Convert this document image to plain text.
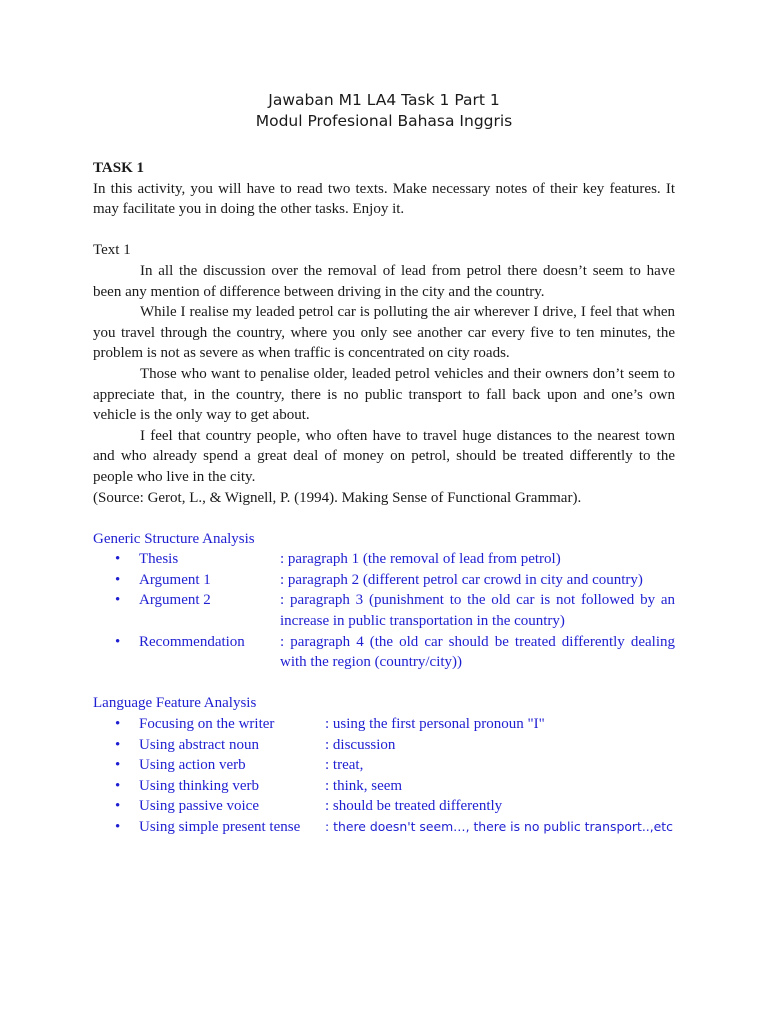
Jawaban M1 LA4 Task 1 Part 1
Modul Profesional Bahasa Inggris
TASK 1

In this activity, you will have to read two texts. Make necessary notes of their key features. It may facilitate you in doing the other tasks. Enjoy it.

Text 1

In all the discussion over the removal of lead from petrol there doesn’t seem to have been any mention of difference between driving in the city and the country.

While I realise my leaded petrol car is polluting the air wherever I drive, I feel that when you travel through the country, where you only see another car every five to ten minutes, the problem is not as severe as when traffic is concentrated on city roads.

Those who want to penalise older, leaded petrol vehicles and their owners don’t seem to appreciate that, in the country, there is no public transport to fall back upon and one’s own vehicle is the only way to get about.

I feel that country people, who often have to travel huge distances to the nearest town and who already spend a great deal of money on petrol, should be treated differently to the people who live in the city.

(Source: Gerot, L., & Wignell, P. (1994). Making Sense of Functional Grammar).
Generic Structure Analysis
• Thesis	: paragraph 1 (the removal of lead from petrol)
• Argument 1	: paragraph 2 (different petrol car crowd in city and country)
• Argument 2	: paragraph 3 (punishment to the old car is not followed by an increase in public transportation in the country)
• Recommendation	: paragraph 4 (the old car should be treated differently dealing with the region (country/city))
Language Feature Analysis
• Focusing on the writer	: using the first personal pronoun "I"
• Using abstract noun	: discussion
• Using action verb	: treat,
• Using thinking verb	: think, seem
• Using passive voice	: should be treated differently
• Using simple present tense : there doesn't seem…, there is no public transport..,etc
